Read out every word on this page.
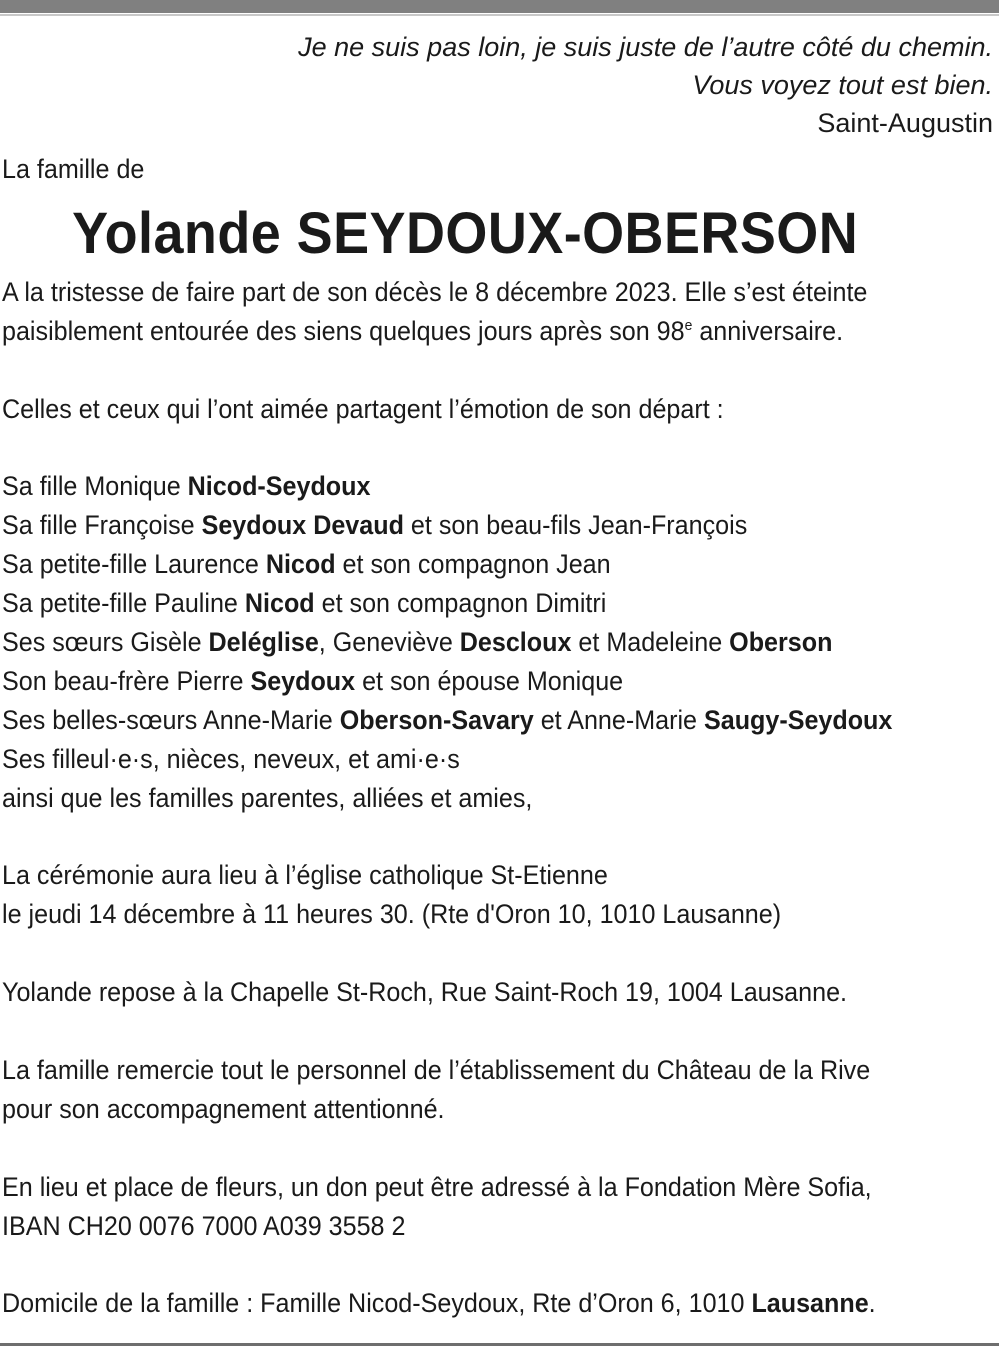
Je ne suis pas loin, je suis juste de l’autre côté du chemin.
Vous voyez tout est bien.
Saint-Augustin

La famille de

Yolande SEYDOUX-OBERSON

A la tristesse de faire part de son décès le 8 décembre 2023. Elle s’est éteinte
paisiblement entourée des siens quelques jours après son 98e anniversaire.

Celles et ceux qui l’ont aimée partagent l’émotion de son départ :

Sa fille Monique Nicod-Seydoux
Sa fille Françoise Seydoux Devaud et son beau-fils Jean-François
Sa petite-fille Laurence Nicod et son compagnon Jean
Sa petite-fille Pauline Nicod et son compagnon Dimitri
Ses sœurs Gisèle Deléglise, Geneviève Descloux et Madeleine Oberson
Son beau-frère Pierre Seydoux et son épouse Monique
Ses belles-sœurs Anne-Marie Oberson-Savary et Anne-Marie Saugy-Seydoux
Ses filleul·e·s, nièces, neveux, et ami·e·s
ainsi que les familles parentes, alliées et amies,

La cérémonie aura lieu à l’église catholique St-Etienne
le jeudi 14 décembre à 11 heures 30. (Rte d'Oron 10, 1010 Lausanne)

Yolande repose à la Chapelle St-Roch, Rue Saint-Roch 19, 1004 Lausanne.

La famille remercie tout le personnel de l’établissement du Château de la Rive
pour son accompagnement attentionné.

En lieu et place de fleurs, un don peut être adressé à la Fondation Mère Sofia,
IBAN CH20 0076 7000 A039 3558 2

Domicile de la famille : Famille Nicod-Seydoux, Rte d’Oron 6, 1010 Lausanne.
